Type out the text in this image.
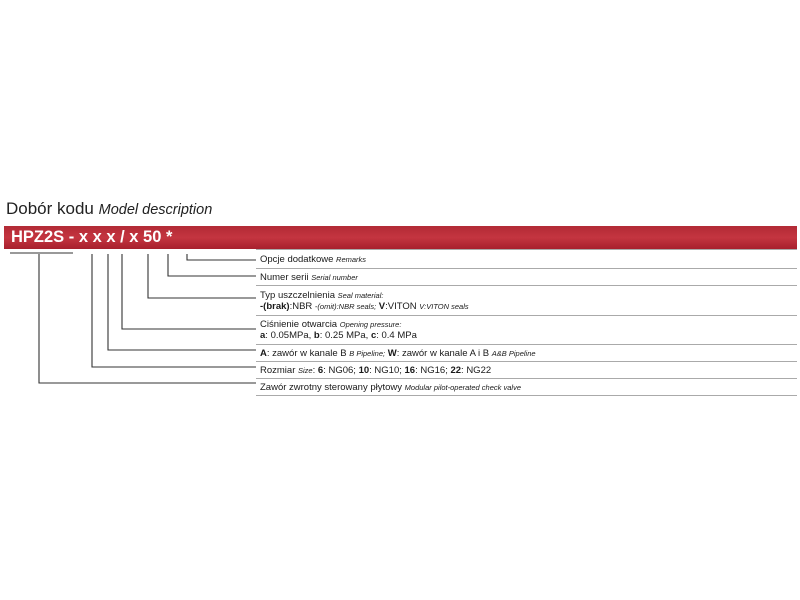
Dobór kodu Model description
HPZ2S - x x x / x 50 *
Opcje dodatkowe Remarks
Numer serii Serial number
Typ uszczelnienia Seal material:
-(brak):NBR -(omit):NBR seals; V:VITON V:VITON seals
Ciśnienie otwarcia Opening pressure:
a: 0.05MPa, b: 0.25 MPa, c: 0.4 MPa
A: zawór w kanale B B Pipeline; W: zawór w kanale A i B A&B Pipeline
Rozmiar Size: 6: NG06; 10: NG10; 16: NG16; 22: NG22
Zawór zwrotny sterowany płytowy Modular pilot-operated check valve
